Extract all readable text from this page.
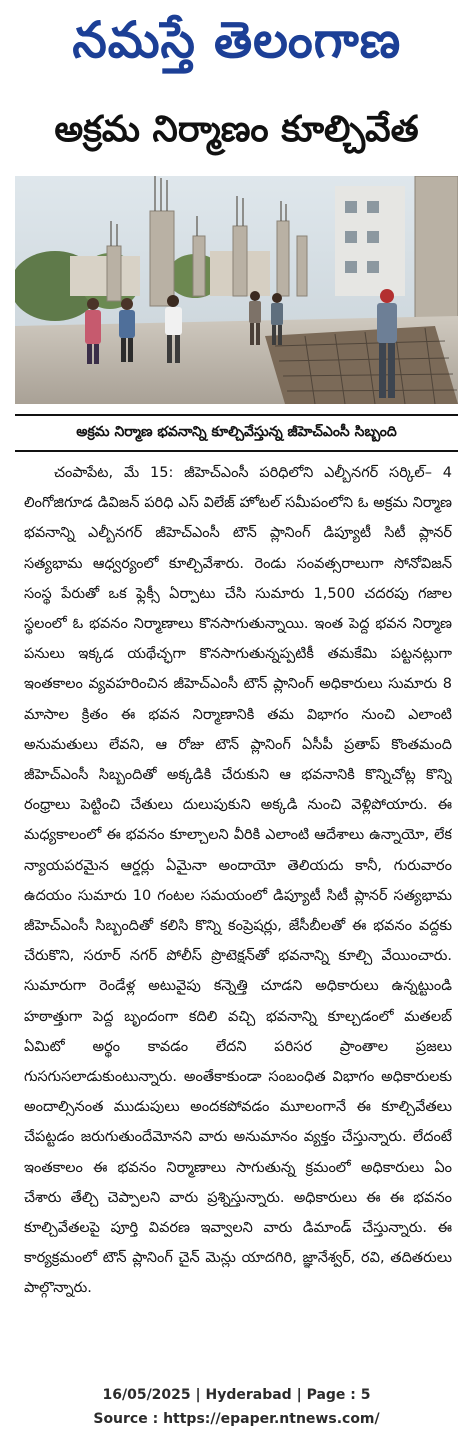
నమస్తే తెలంగాణ
అక్రమ నిర్మాణం కూల్చివేత
అక్రమ నిర్మాణ భవనాన్ని కూల్చివేస్తున్న జీహెచ్ఎంసీ సిబ్బంది

చంపాపేట, మే 15: జీహెచ్ఎంసీ పరిధిలోని ఎల్బీనగర్ సర్కిల్– 4 లింగోజిగూడ డివిజన్ పరిధి ఎస్ విలేజ్ హోటల్ సమీపంలోని ఓ అక్రమ నిర్మాణ భవనాన్ని ఎల్బీనగర్ జీహెచ్ఎంసీ టౌన్ ప్లానింగ్ డిప్యూటీ సిటీ ప్లానర్ సత్యభామ ఆధ్వర్యంలో కూల్చివేశారు. రెండు సంవత్సరాలుగా సోనోవిజన్ సంస్థ పేరుతో ఒక ఫ్లెక్సీ ఏర్పాటు చేసి సుమారు 1,500 చదరపు గజాల స్థలంలో ఓ భవనం నిర్మాణాలు కొనసాగుతున్నాయి. ఇంత పెద్ద భవన నిర్మాణ పనులు ఇక్కడ యథేచ్ఛగా కొనసాగుతున్నప్పటికీ తమకేమి పట్టనట్లుగా ఇంతకాలం వ్యవహరించిన జీహెచ్ఎంసీ టౌన్ ప్లానింగ్ అధికారులు సుమారు 8 మాసాల క్రితం ఈ భవన నిర్మాణానికి తమ విభాగం నుంచి ఎలాంటి అనుమతులు లేవని, ఆ రోజు టౌన్ ప్లానింగ్ ఏసీపీ ప్రతాప్ కొంతమంది జీహెచ్ఎంసీ సిబ్బందితో అక్కడికి చేరుకుని ఆ భవనానికి కొన్నిచోట్ల కొన్ని రంధ్రాలు పెట్టించి చేతులు దులుపుకుని అక్కడి నుంచి వెళ్లిపోయారు. ఈ మధ్యకాలంలో ఈ భవనం కూల్చాలని వీరికి ఎలాంటి ఆదేశాలు ఉన్నాయో, లేక న్యాయపరమైన ఆర్డర్లు ఏమైనా అందాయో తెలియదు కానీ, గురువారం ఉదయం సుమారు 10 గంటల సమయంలో డిప్యూటీ సిటీ ప్లానర్ సత్యభామ జీహెచ్ఎంసీ సిబ్బందితో కలిసి కొన్ని కంప్రెషర్లు, జేసీబీలతో ఈ భవనం వద్దకు చేరుకొని, సరూర్ నగర్ పోలీస్ ప్రొటెక్షన్‌తో భవనాన్ని కూల్చి వేయించారు. సుమారుగా రెండేళ్ల అటువైపు కన్నెత్తి చూడని అధికారులు ఉన్నట్టుండి హఠాత్తుగా పెద్ద బృందంగా కదిలి వచ్చి భవనాన్ని కూల్చడంలో మతలబ్ ఏమిటో అర్థం కావడం లేదని పరిసర ప్రాంతాల ప్రజలు గుసగుసలాడుకుంటున్నారు. అంతేకాకుండా సంబంధిత విభాగం అధికారులకు అందాల్సినంత ముడుపులు అందకపోవడం మూలంగానే ఈ కూల్చివేతలు చేపట్టడం జరుగుతుందేమోనని వారు అనుమానం వ్యక్తం చేస్తున్నారు. లేదంటే ఇంతకాలం ఈ భవనం నిర్మాణాలు సాగుతున్న క్రమంలో అధికారులు ఏం చేశారు తేల్చి చెప్పాలని వారు ప్రశ్నిస్తున్నారు. అధికారులు ఈ ఈ భవనం కూల్చివేతలపై పూర్తి వివరణ ఇవ్వాలని వారు డిమాండ్ చేస్తున్నారు. ఈ కార్యక్రమంలో టౌన్ ప్లానింగ్ చైన్ మెన్లు యాదగిరి, జ్ఞానేశ్వర్, రవి, తదితరులు పాల్గొన్నారు.

16/05/2025 | Hyderabad | Page : 5
Source : https://epaper.ntnews.com/
